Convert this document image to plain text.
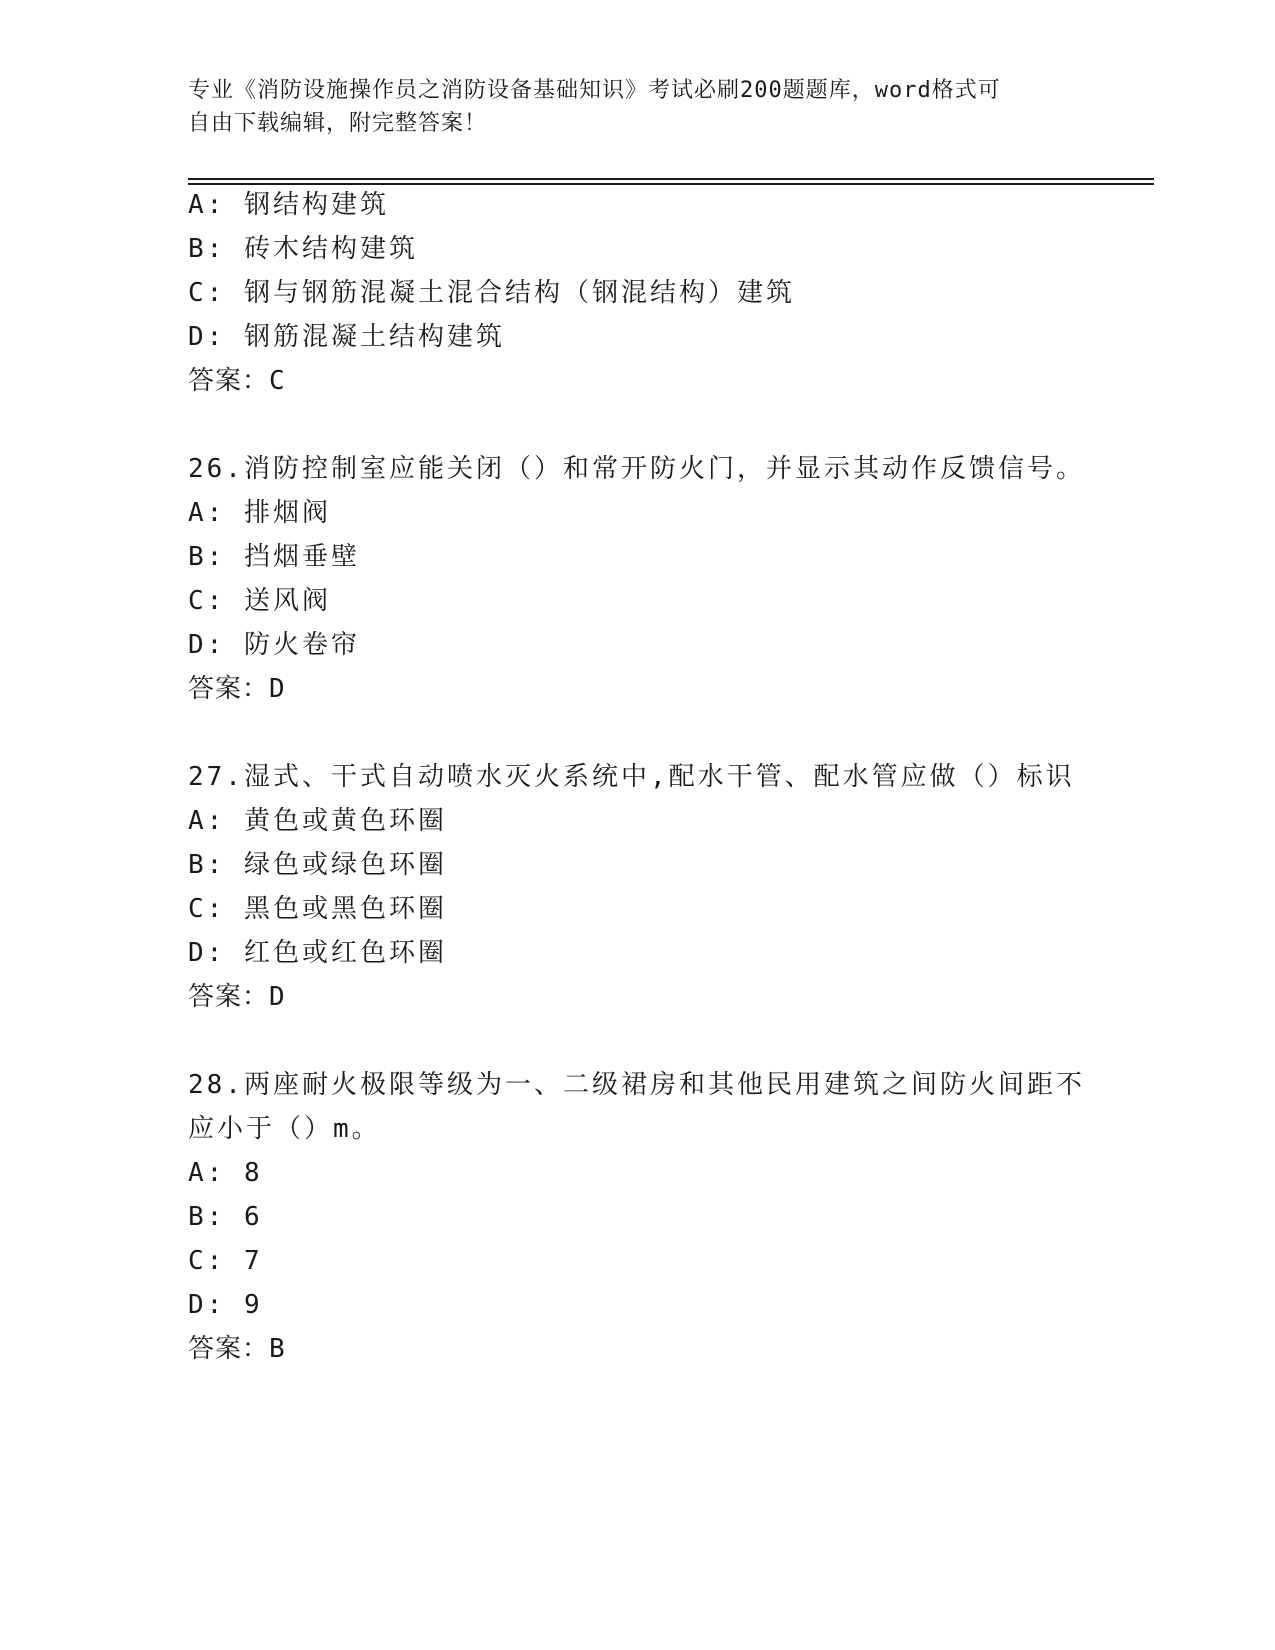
专业《消防设施操作员之消防设备基础知识》考试必刷200题题库，word格式可
自由下载编辑，附完整答案！
A: 钢结构建筑
B: 砖木结构建筑
C: 钢与钢筋混凝土混合结构（钢混结构）建筑
D: 钢筋混凝土结构建筑
答案：C
26.消防控制室应能关闭（）和常开防火门，并显示其动作反馈信号。
A: 排烟阀
B: 挡烟垂壁
C: 送风阀
D: 防火卷帘
答案：D
27.湿式、干式自动喷水灭火系统中,配水干管、配水管应做（）标识
A: 黄色或黄色环圈
B: 绿色或绿色环圈
C: 黑色或黑色环圈
D: 红色或红色环圈
答案：D
28.两座耐火极限等级为一、二级裙房和其他民用建筑之间防火间距不
应小于（）m。
A: 8
B: 6
C: 7
D: 9
答案：B
